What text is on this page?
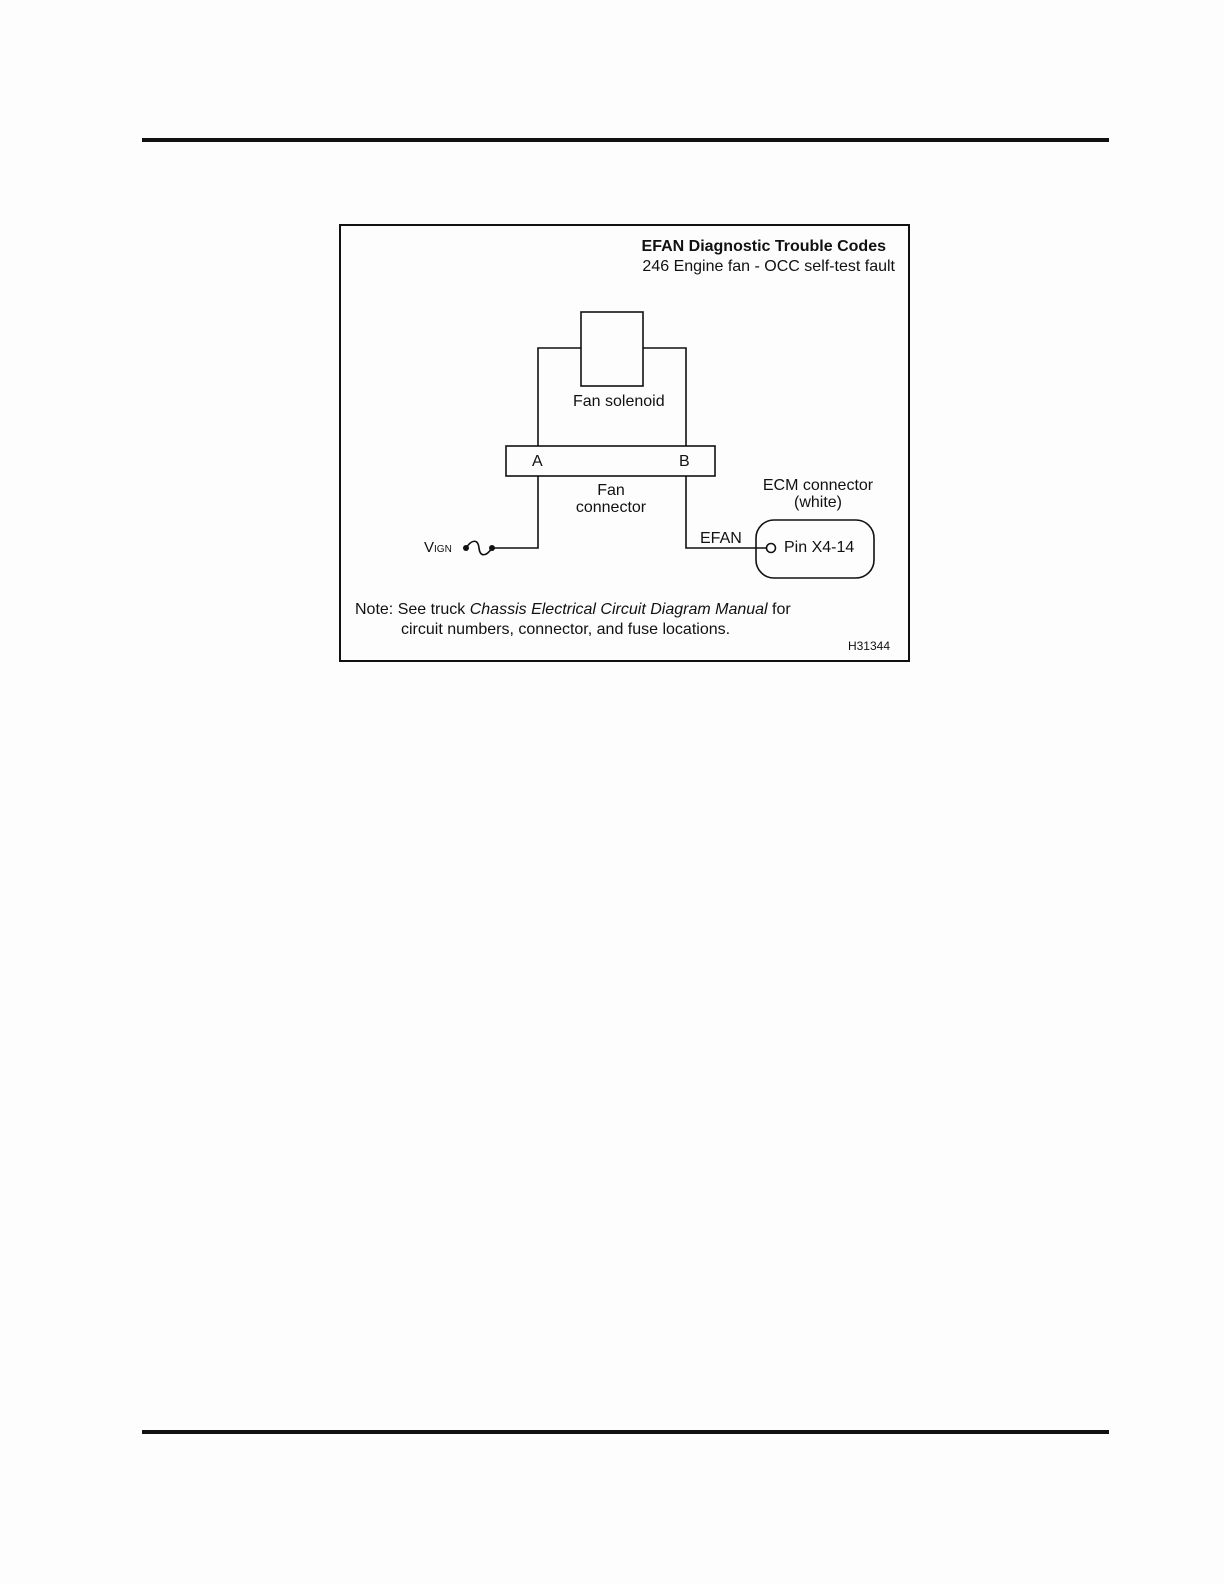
EFAN Diagnostic Trouble Codes
246 Engine fan - OCC self-test fault
Fan solenoid
A	B
Fan
connector
ECM connector
(white)
EFAN
Pin X4-14
VIGN
Note: See truck Chassis Electrical Circuit Diagram Manual for
circuit numbers, connector, and fuse locations.
H31344
